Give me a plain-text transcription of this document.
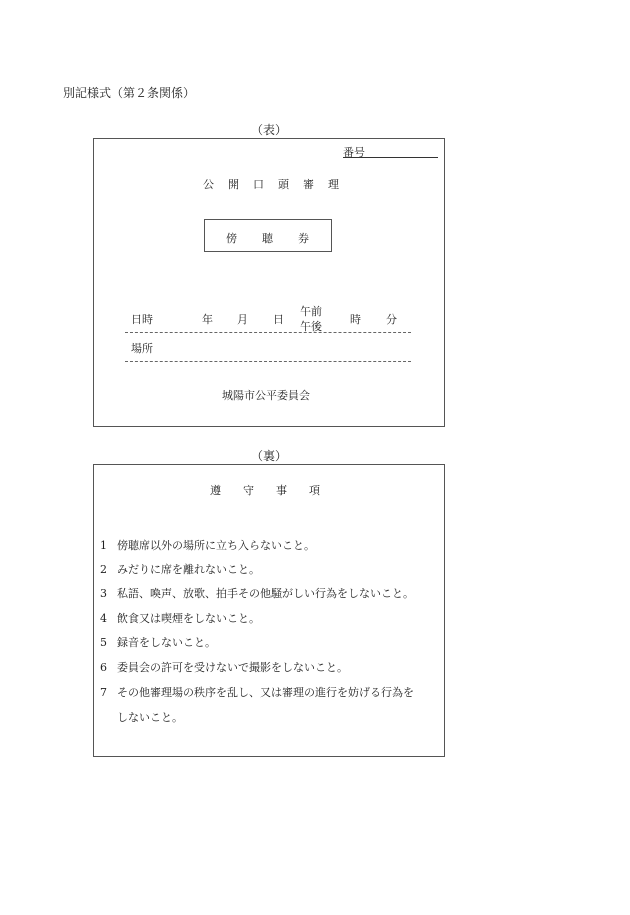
別記様式（第２条関係）
（表）
番号
公 開 口 頭 審 理
傍 聴 券
日時	年 月 日
午前
午後
時 分
場所
城陽市公平委員会
（裏）
遵 守 事 項
1 傍聴席以外の場所に立ち入らないこと。
2 みだりに席を離れないこと。
3 私語、喚声、放歌、拍手その他騒がしい行為をしないこと。
4 飲食又は喫煙をしないこと。
5 録音をしないこと。
6 委員会の許可を受けないで撮影をしないこと。
7 その他審理場の秩序を乱し、又は審理の進行を妨げる行為を
しないこと。
